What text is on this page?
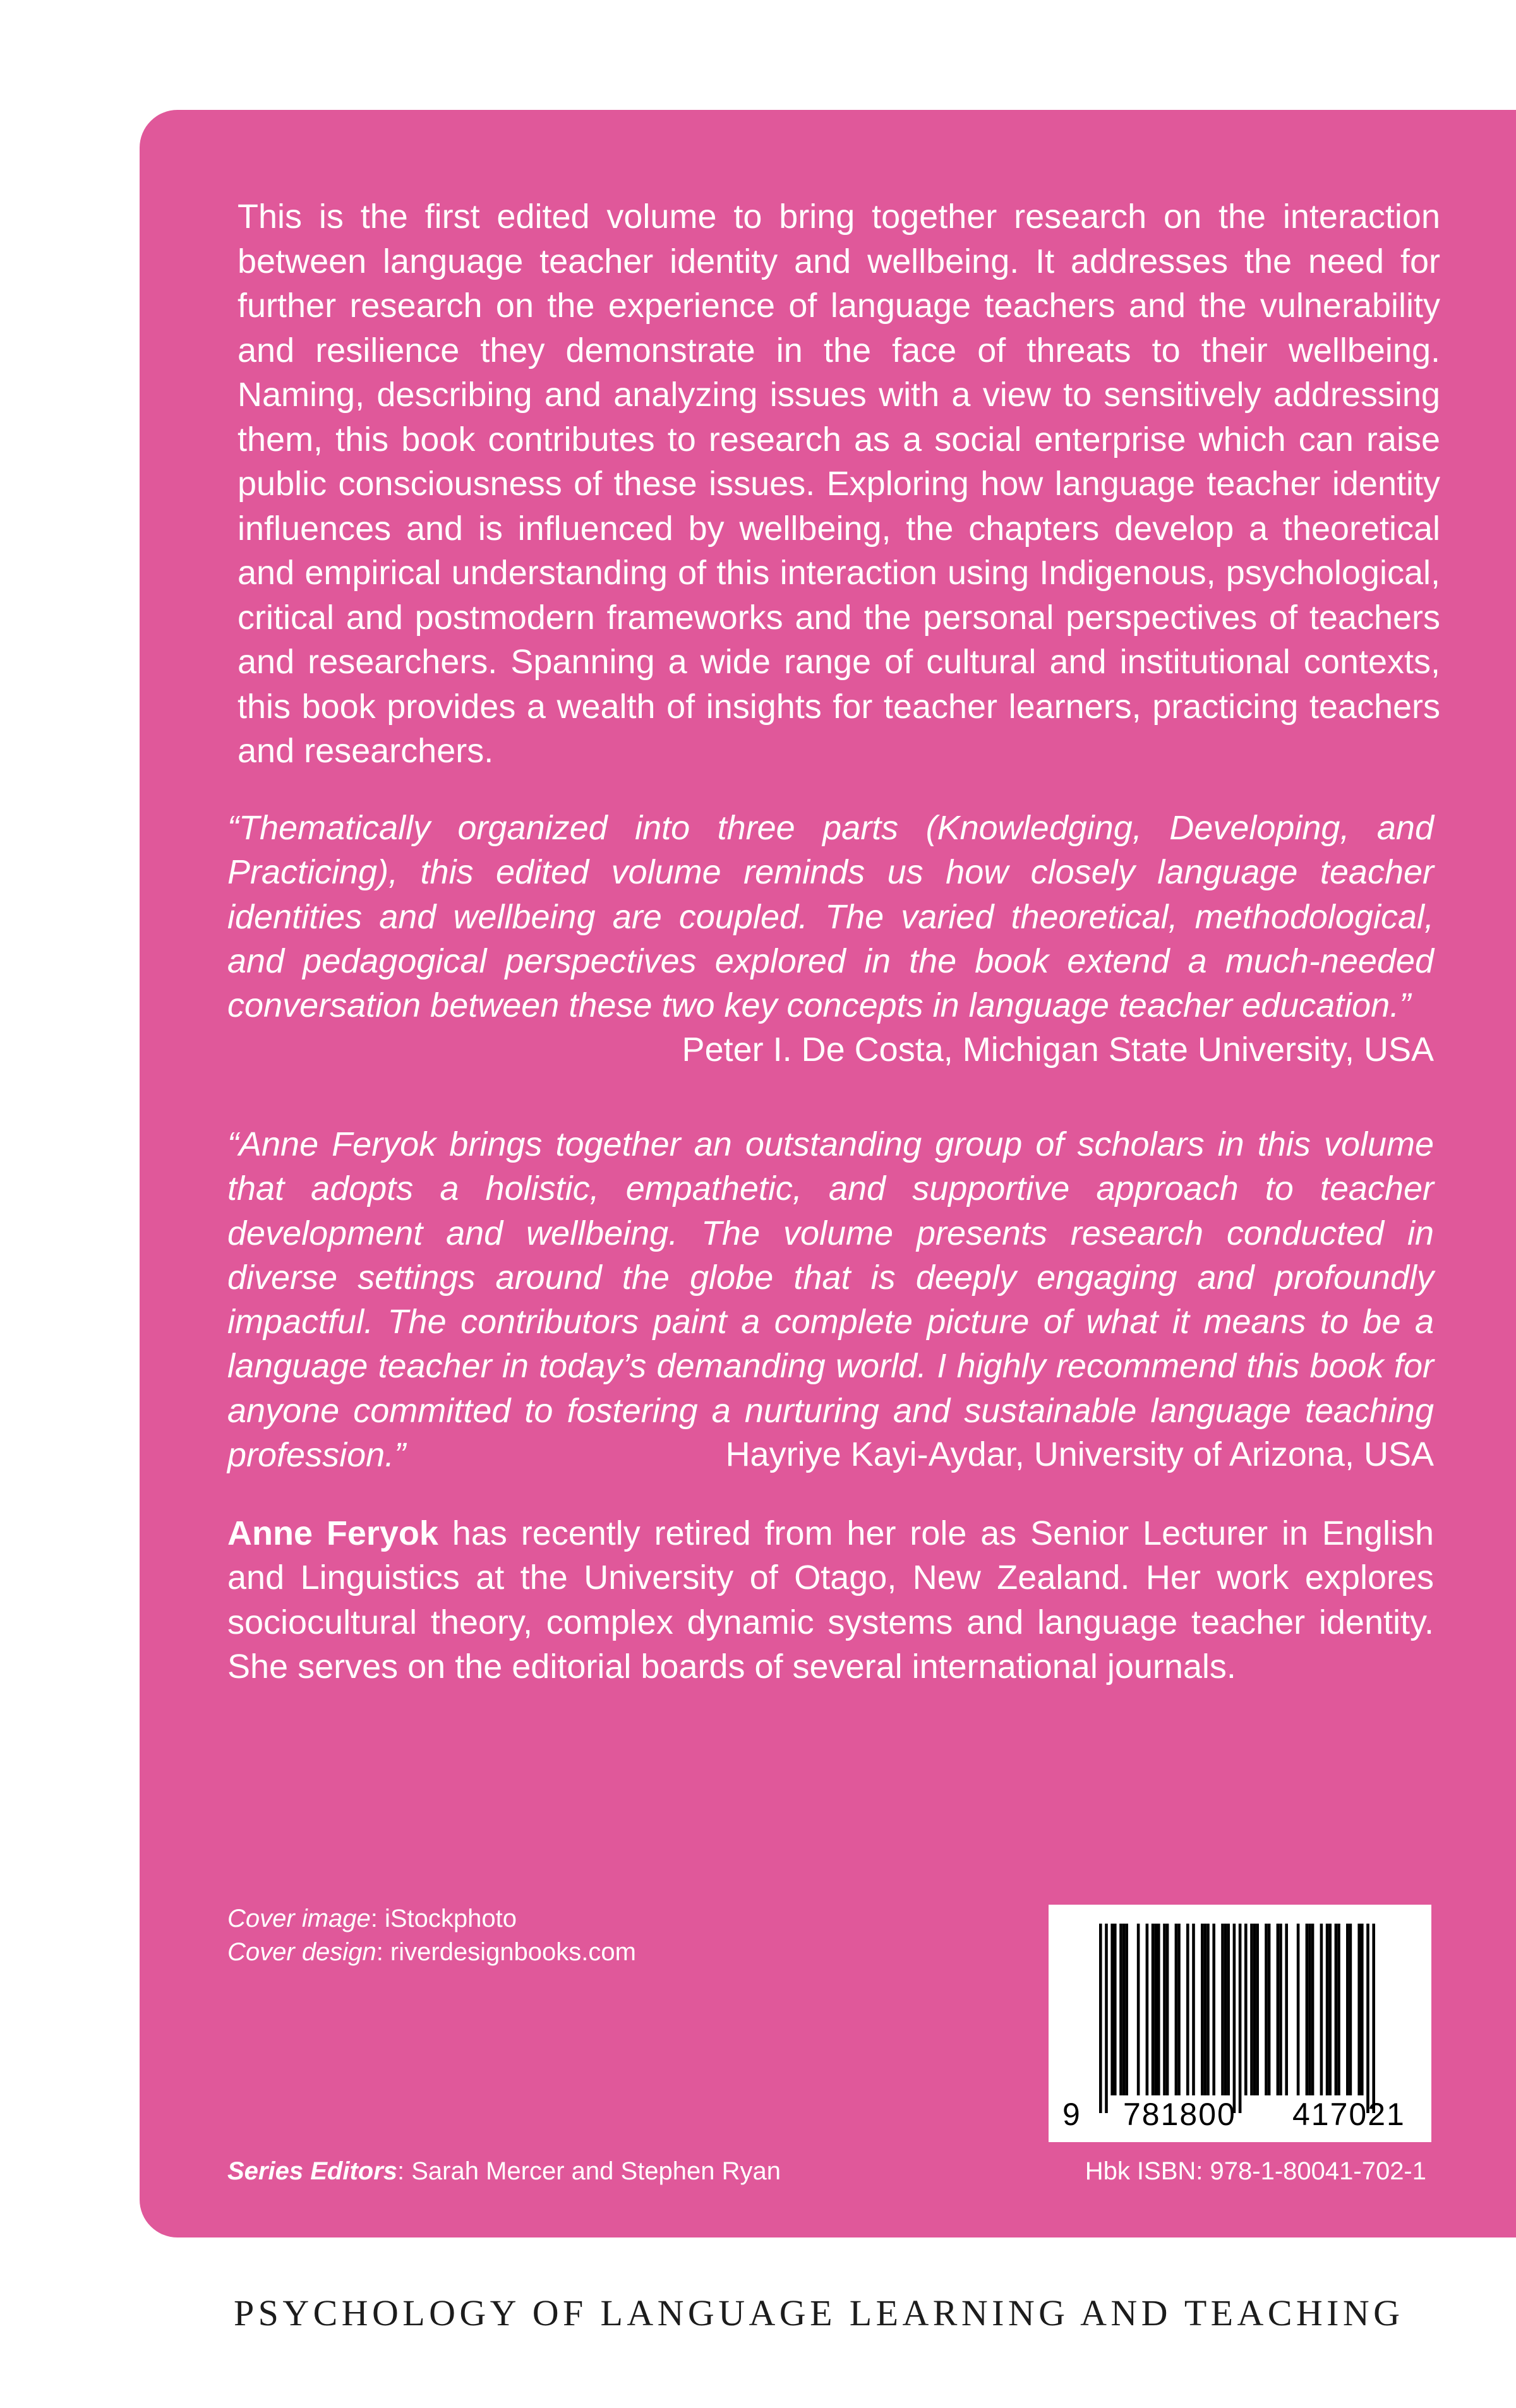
This is the first edited volume to bring together research on the interaction between language teacher identity and wellbeing. It addresses the need for further research on the experience of language teachers and the vulnerability and resilience they demonstrate in the face of threats to their wellbeing. Naming, describing and analyzing issues with a view to sensitively addressing them, this book contributes to research as a social enterprise which can raise public consciousness of these issues. Exploring how language teacher identity influences and is influenced by wellbeing, the chapters develop a theoretical and empirical understanding of this interaction using Indigenous, psychological, critical and postmodern frameworks and the personal perspectives of teachers and researchers. Spanning a wide range of cultural and institutional contexts, this book provides a wealth of insights for teacher learners, practicing teachers and researchers.

“Thematically organized into three parts (Knowledging, Developing, and Practicing), this edited volume reminds us how closely language teacher identities and wellbeing are coupled. The varied theoretical, methodological, and pedagogical perspectives explored in the book extend a much-needed conversation between these two key concepts in language teacher education.”

Peter I. De Costa, Michigan State University, USA

“Anne Feryok brings together an outstanding group of scholars in this volume that adopts a holistic, empathetic, and supportive approach to teacher development and wellbeing. The volume presents research conducted in diverse settings around the globe that is deeply engaging and profoundly impactful. The contributors paint a complete picture of what it means to be a language teacher in today’s demanding world. I highly recommend this book for anyone committed to fostering a nurturing and sustainable language teaching profession.”	Hayriye Kayi-Aydar, University of Arizona, USA

Anne Feryok has recently retired from her role as Senior Lecturer in English and Linguistics at the University of Otago, New Zealand. Her work explores sociocultural theory, complex dynamic systems and language teacher identity. She serves on the editorial boards of several international journals.

Cover image: iStockphoto
Cover design: riverdesignbooks.com
Series Editors: Sarah Mercer and Stephen Ryan
9 781800 417021
Hbk ISBN: 978-1-80041-702-1
PSYCHOLOGY OF LANGUAGE LEARNING AND TEACHING
